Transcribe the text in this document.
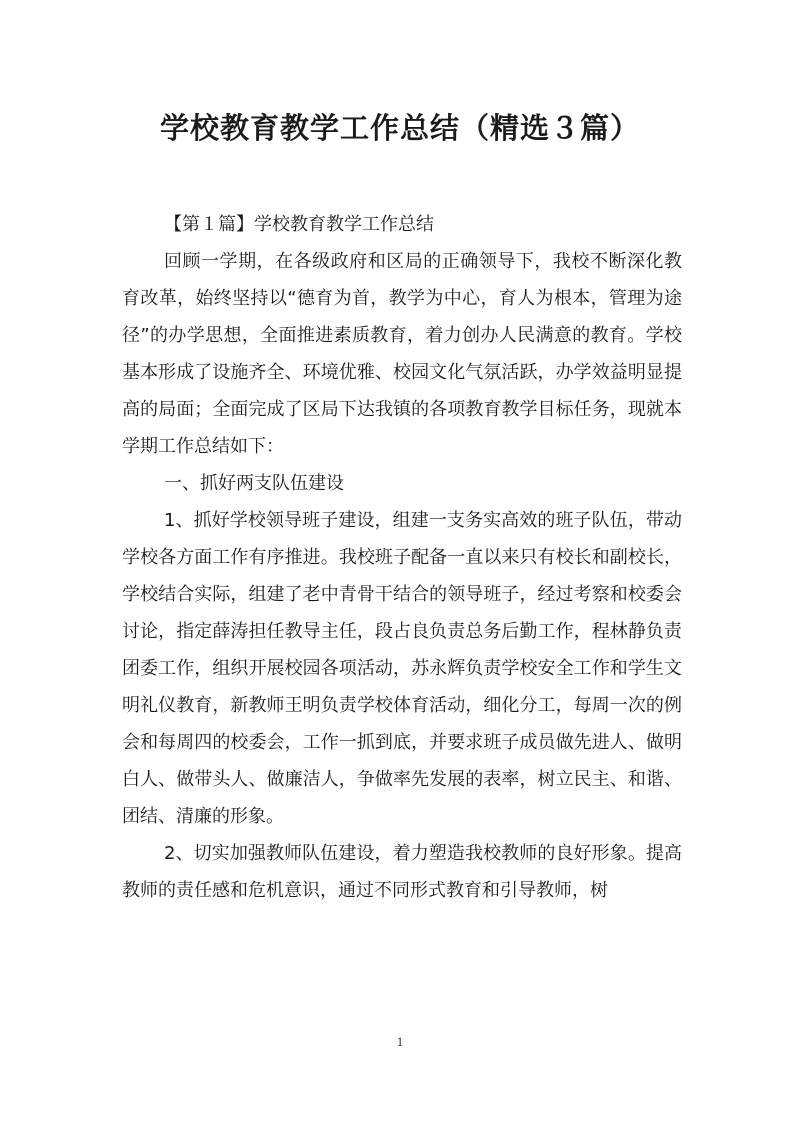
学校教育教学工作总结（精选３篇）

【第１篇】学校教育教学工作总结

回顾一学期，在各级政府和区局的正确领导下，我校不断深化教育改革，始终坚持以“德育为首，教学为中心，育人为根本，管理为途径”的办学思想，全面推进素质教育，着力创办人民满意的教育。学校基本形成了设施齐全、环境优雅、校园文化气氛活跃，办学效益明显提高的局面；全面完成了区局下达我镇的各项教育教学目标任务，现就本学期工作总结如下：

一、抓好两支队伍建设

1、抓好学校领导班子建设，组建一支务实高效的班子队伍，带动学校各方面工作有序推进。我校班子配备一直以来只有校长和副校长，学校结合实际，组建了老中青骨干结合的领导班子，经过考察和校委会讨论，指定薛涛担任教导主任，段占良负责总务后勤工作，程林静负责团委工作，组织开展校园各项活动，苏永辉负责学校安全工作和学生文明礼仪教育，新教师王明负责学校体育活动，细化分工，每周一次的例会和每周四的校委会，工作一抓到底，并要求班子成员做先进人、做明白人、做带头人、做廉洁人，争做率先发展的表率，树立民主、和谐、团结、清廉的形象。

2、切实加强教师队伍建设，着力塑造我校教师的良好形象。提高教师的责任感和危机意识，通过不同形式教育和引导教师，树

1
